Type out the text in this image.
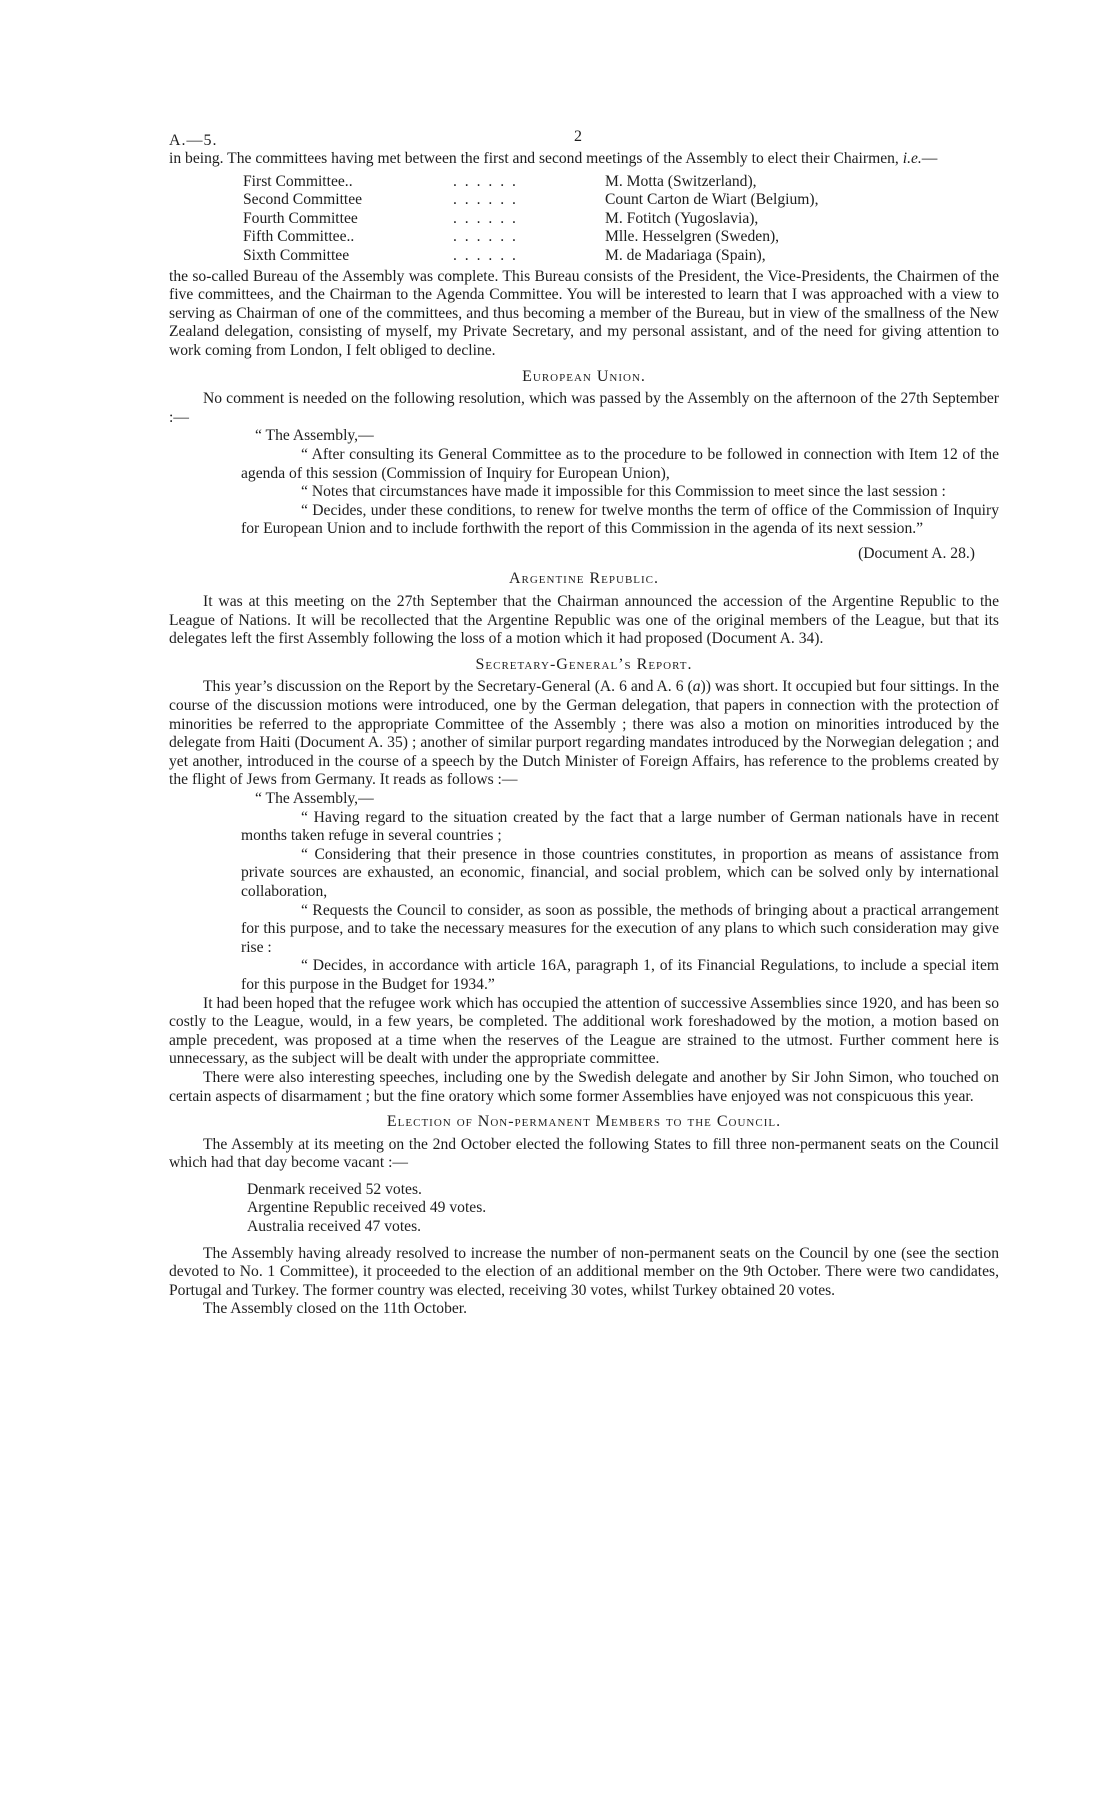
A.—5.	2

in being. The committees having met between the first and second meetings of the Assembly to elect their Chairmen, i.e.—

First Committee..	. . . . . .	M. Motta (Switzerland),
Second Committee	. . . . . .	Count Carton de Wiart (Belgium),
Fourth Committee	. . . . . .	M. Fotitch (Yugoslavia),
Fifth Committee..	. . . . . .	Mlle. Hesselgren (Sweden),
Sixth Committee	. . . . . .	M. de Madariaga (Spain),

the so-called Bureau of the Assembly was complete. This Bureau consists of the President, the Vice-Presidents, the Chairmen of the five committees, and the Chairman to the Agenda Committee. You will be interested to learn that I was approached with a view to serving as Chairman of one of the committees, and thus becoming a member of the Bureau, but in view of the smallness of the New Zealand delegation, consisting of myself, my Private Secretary, and my personal assistant, and of the need for giving attention to work coming from London, I felt obliged to decline.

European Union.

No comment is needed on the following resolution, which was passed by the Assembly on the afternoon of the 27th September :—

“ The Assembly,—

“ After consulting its General Committee as to the procedure to be followed in connection with Item 12 of the agenda of this session (Commission of Inquiry for European Union),

“ Notes that circumstances have made it impossible for this Commission to meet since the last session :

“ Decides, under these conditions, to renew for twelve months the term of office of the Commission of Inquiry for European Union and to include forthwith the report of this Commission in the agenda of its next session.”

(Document A. 28.)
Argentine Republic.

It was at this meeting on the 27th September that the Chairman announced the accession of the Argentine Republic to the League of Nations. It will be recollected that the Argentine Republic was one of the original members of the League, but that its delegates left the first Assembly following the loss of a motion which it had proposed (Document A. 34).

Secretary-General’s Report.

This year’s discussion on the Report by the Secretary-General (A. 6 and A. 6 (a)) was short. It occupied but four sittings. In the course of the discussion motions were introduced, one by the German delegation, that papers in connection with the protection of minorities be referred to the appropriate Committee of the Assembly ; there was also a motion on minorities introduced by the delegate from Haiti (Document A. 35) ; another of similar purport regarding mandates introduced by the Norwegian delegation ; and yet another, introduced in the course of a speech by the Dutch Minister of Foreign Affairs, has reference to the problems created by the flight of Jews from Germany. It reads as follows :—

“ The Assembly,—

“ Having regard to the situation created by the fact that a large number of German nationals have in recent months taken refuge in several countries ;

“ Considering that their presence in those countries constitutes, in proportion as means of assistance from private sources are exhausted, an economic, financial, and social problem, which can be solved only by international collaboration,

“ Requests the Council to consider, as soon as possible, the methods of bringing about a practical arrangement for this purpose, and to take the necessary measures for the execution of any plans to which such consideration may give rise :

“ Decides, in accordance with article 16A, paragraph 1, of its Financial Regulations, to include a special item for this purpose in the Budget for 1934.”

It had been hoped that the refugee work which has occupied the attention of successive Assemblies since 1920, and has been so costly to the League, would, in a few years, be completed. The additional work foreshadowed by the motion, a motion based on ample precedent, was proposed at a time when the reserves of the League are strained to the utmost. Further comment here is unnecessary, as the subject will be dealt with under the appropriate committee.

There were also interesting speeches, including one by the Swedish delegate and another by Sir John Simon, who touched on certain aspects of disarmament ; but the fine oratory which some former Assemblies have enjoyed was not conspicuous this year.

Election of Non-permanent Members to the Council.

The Assembly at its meeting on the 2nd October elected the following States to fill three non-permanent seats on the Council which had that day become vacant :—

Denmark received 52 votes.
Argentine Republic received 49 votes.
Australia received 47 votes.

The Assembly having already resolved to increase the number of non-permanent seats on the Council by one (see the section devoted to No. 1 Committee), it proceeded to the election of an additional member on the 9th October. There were two candidates, Portugal and Turkey. The former country was elected, receiving 30 votes, whilst Turkey obtained 20 votes.

The Assembly closed on the 11th October.
